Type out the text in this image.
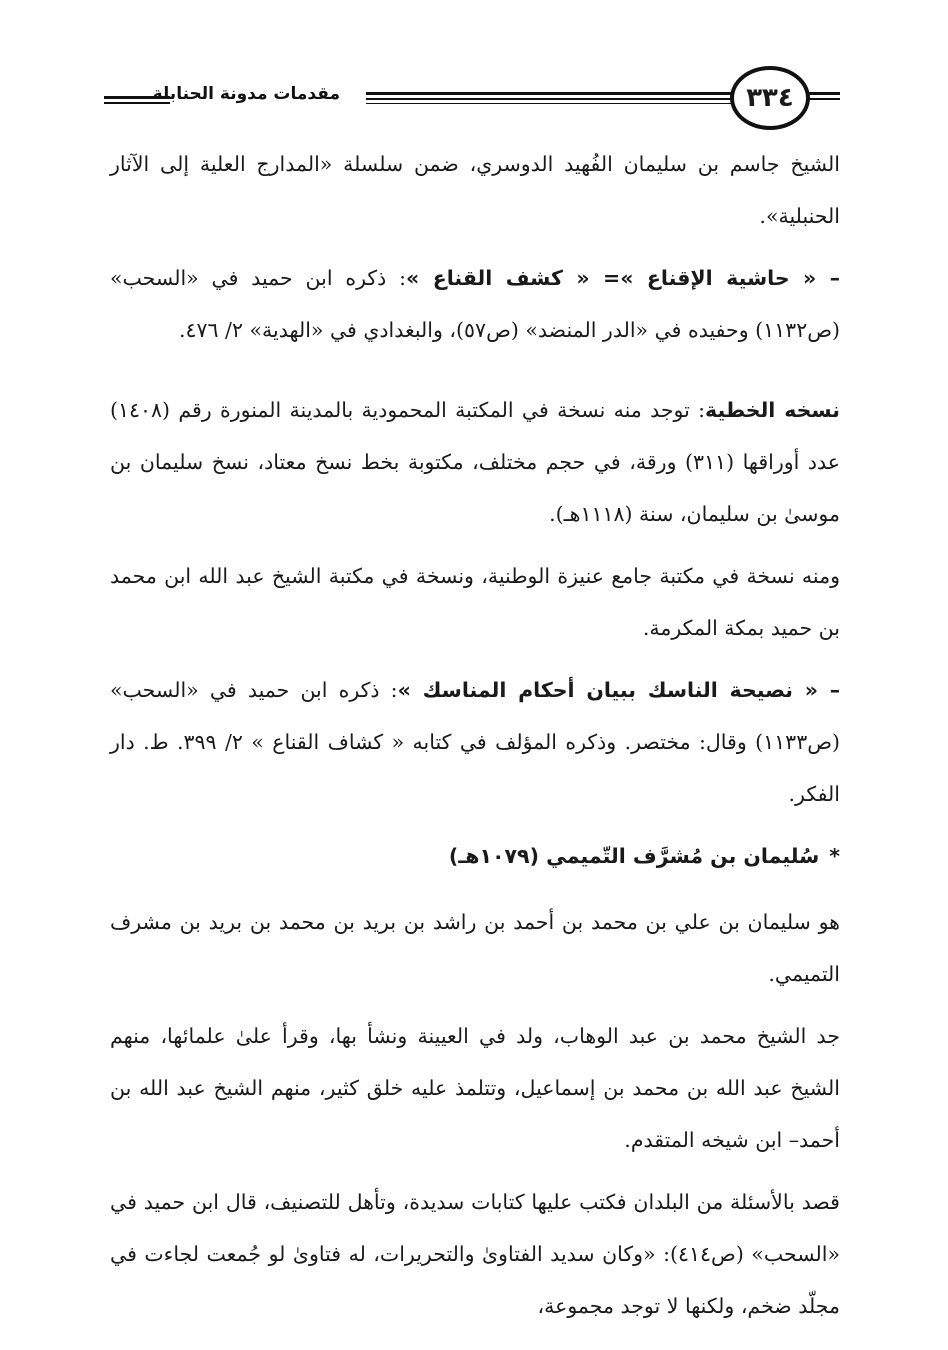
مقدمات مدونة الحنابلة	٣٣٤

الشيخ جاسم بن سليمان الفُهيد الدوسري، ضمن سلسلة «المدارج العلية إلى الآثار الحنبلية».

– « حاشية الإقناع »= « كشف القناع »: ذكره ابن حميد في «السحب» (ص١١٣٢) وحفيده في «الدر المنضد» (ص٥٧)، والبغدادي في «الهدية» ٢/ ٤٧٦.

نسخه الخطية: توجد منه نسخة في المكتبة المحمودية بالمدينة المنورة رقم (١٤٠٨) عدد أوراقها (٣١١) ورقة، في حجم مختلف، مكتوبة بخط نسخ معتاد، نسخ سليمان بن موسىٰ بن سليمان، سنة (١١١٨هـ).

ومنه نسخة في مكتبة جامع عنيزة الوطنية، ونسخة في مكتبة الشيخ عبد الله ابن محمد بن حميد بمكة المكرمة.

– « نصيحة الناسك ببيان أحكام المناسك »: ذكره ابن حميد في «السحب» (ص١١٣٣) وقال: مختصر. وذكره المؤلف في كتابه « كشاف القناع » ٢/ ٣٩٩. ط. دار الفكر.

*سُليمان بن مُشرَّف التّميمي (١٠٧٩هـ)

هو سليمان بن علي بن محمد بن أحمد بن راشد بن بريد بن محمد بن بريد بن مشرف التميمي.

جد الشيخ محمد بن عبد الوهاب، ولد في العيينة ونشأ بها، وقرأ علىٰ علمائها، منهم الشيخ عبد الله بن محمد بن إسماعيل، وتتلمذ عليه خلق كثير، منهم الشيخ عبد الله بن أحمد– ابن شيخه المتقدم.

قصد بالأسئلة من البلدان فكتب عليها كتابات سديدة، وتأهل للتصنيف، قال ابن حميد في «السحب» (ص٤١٤): «وكان سديد الفتاوىٰ والتحريرات، له فتاوىٰ لو جُمعت لجاءت في مجلّد ضخم، ولكنها لا توجد مجموعة،
